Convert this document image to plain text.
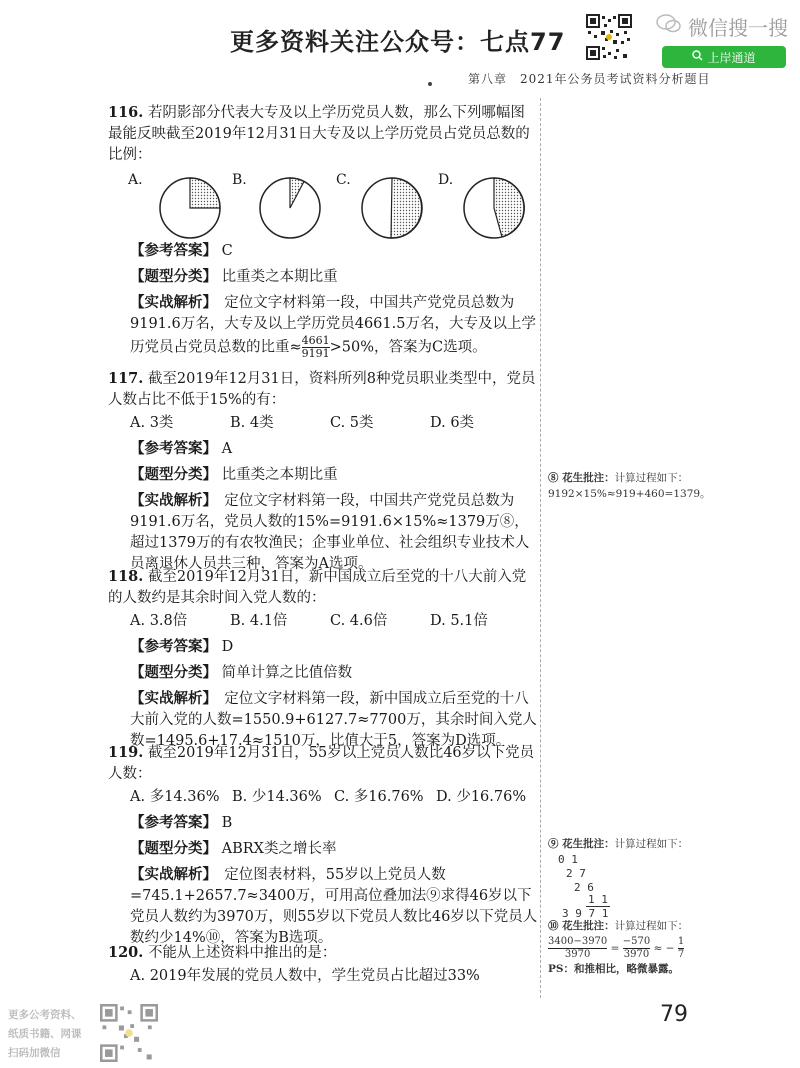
更多资料关注公众号：七点77	微信搜一搜
上岸通道
第八章　2021年公务员考试资料分析题目
116. 若阴影部分代表大专及以上学历党员人数，那么下列哪幅图最能反映截至2019年12月31日大专及以上学历党员占党员总数的比例：
A.	B.	C.	D.
【参考答案】 C
【题型分类】 比重类之本期比重
【实战解析】　 定位文字材料第一段，中国共产党党员总数为9191.6万名，大专及以上学历党员4661.5万名，大专及以上学历党员占党员总数的比重≈ $\frac{4661}{9191}>50\%$，答案为C选项。
117. 截至2019年12月31日，资料所列8种党员职业类型中，党员人数占比不低于15%的有：
A. 3类	B. 4类	C. 5类	D. 6类
【参考答案】 A
【题型分类】 比重类之本期比重
【实战解析】　 定位文字材料第一段，中国共产党党员总数为9191.6万名，党员人数的15%=9191.6×15%≈1379万⑧，超过1379万的有农牧渔民；企事业单位、社会组织专业技术人员离退休人员共三种，答案为A选项。
118. 截至2019年12月31日，新中国成立后至党的十八大前入党的人数约是其余时间入党人数的：
A. 3.8倍	B. 4.1倍	C. 4.6倍	D. 5.1倍
【参考答案】 D
【题型分类】 简单计算之比值倍数
【实战解析】　 定位文字材料第一段，新中国成立后至党的十八大前入党的人数=1550.9+6127.7≈7700万，其余时间入党人数=1495.6+17.4≈1510万，比值大于5，答案为D选项。
119. 截至2019年12月31日，55岁以上党员人数比46岁以下党员人数：
A. 多14.36% B. 少14.36% C. 多16.76% D. 少16.76%
【参考答案】 B
【题型分类】 ABRX类之增长率
【实战解析】　 定位图表材料，55岁以上党员人数=745.1+2657.7≈3400万，可用高位叠加法⑨求得46岁以下党员人数约为3970万，则55岁以下党员人数比46岁以下党员人数约少14%⑩，答案为B选项。
120. 不能从上述资料中推出的是：
A. 2019年发展的党员人数中，学生党员占比超过33%
⑧ 花生批注：计算过程如下：9192×15%≈919+460=1379。
⑨ 花生批注：计算过程如下：
0 1
2 7
2 6
1 1
3 9 7 1
⑩ 花生批注：计算过程如下：
$\frac{3400-3970}{3970} = \frac{-570}{3970}$ ≈ − $\frac{1}{7}$
PS：和推相比，略微暴露。
79
更多公考资料、
纸质书籍、网课
扫码加微信
